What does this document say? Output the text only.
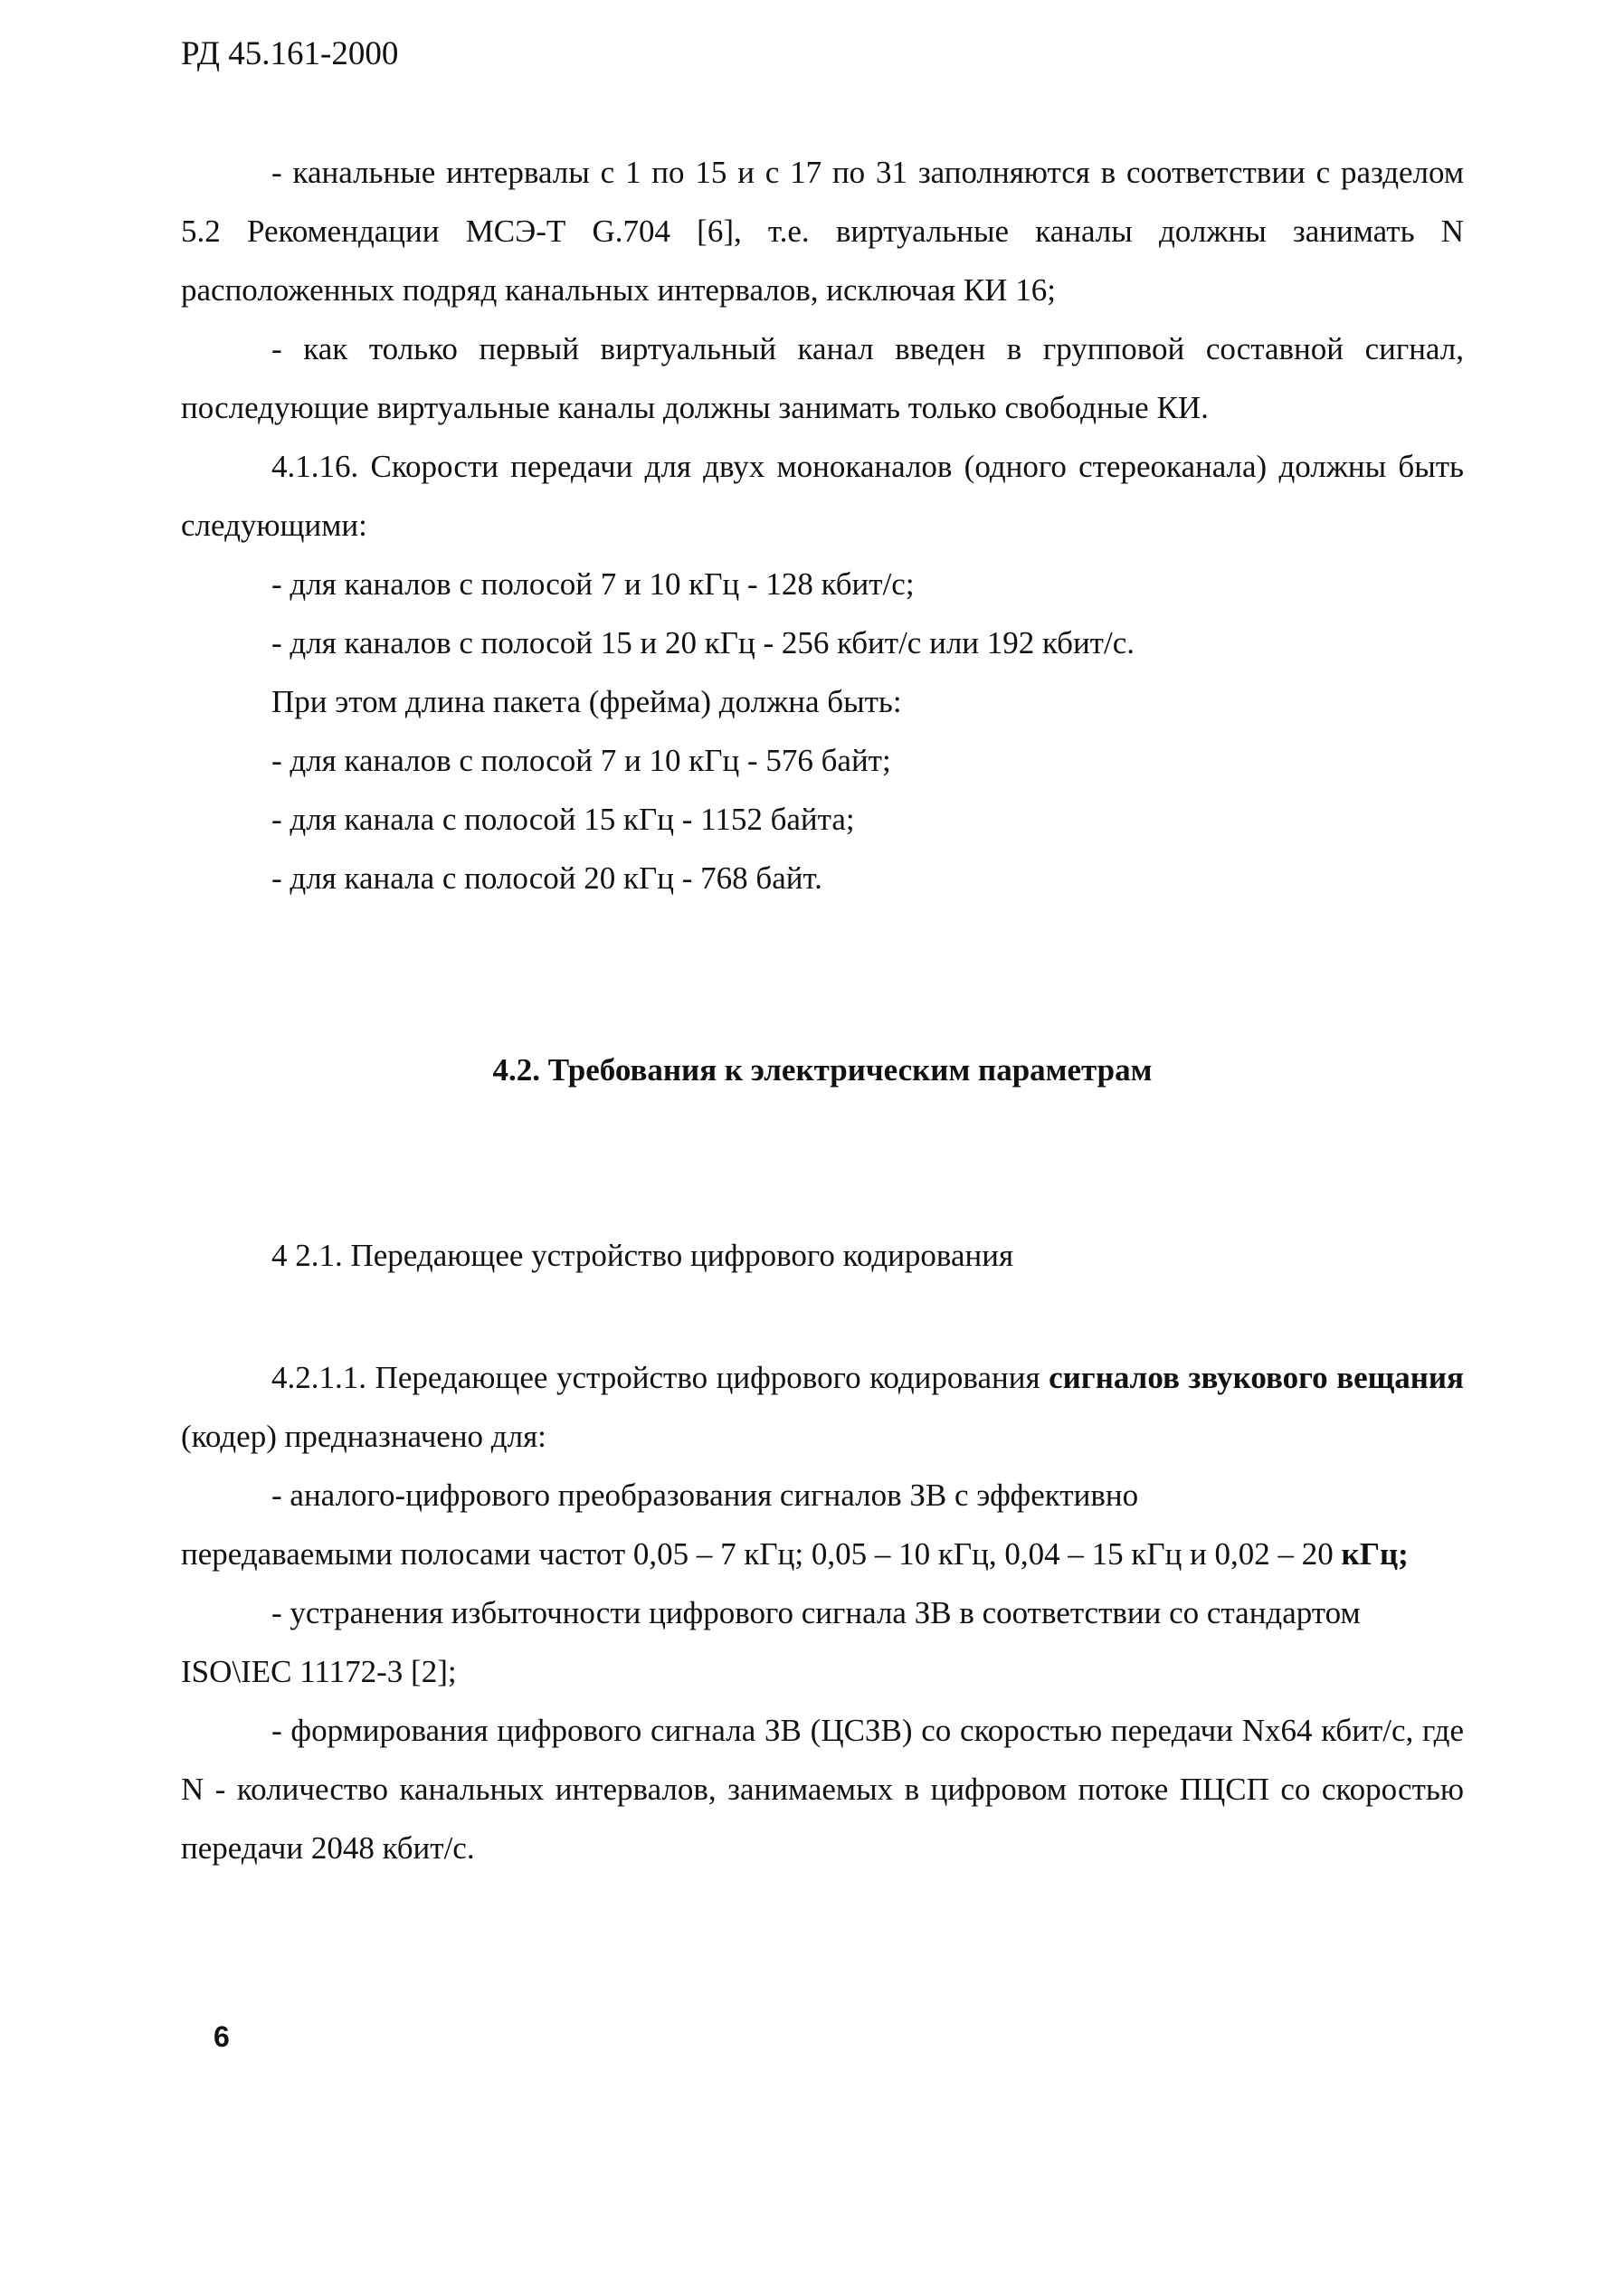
РД 45.161-2000

- канальные интервалы с 1 по 15 и с 17 по 31 заполняются в соответствии с разделом 5.2 Рекомендации МСЭ-Т G.704 [6], т.е. виртуальные каналы должны занимать N расположенных подряд канальных интервалов, исключая КИ 16;

- как только первый виртуальный канал введен в групповой составной сигнал, последующие виртуальные каналы должны занимать только свободные КИ.

4.1.16. Скорости передачи для двух моноканалов (одного стереоканала) должны быть следующими:

- для каналов с полосой 7 и 10 кГц - 128 кбит/с;

- для каналов с полосой 15 и 20 кГц - 256 кбит/с или 192 кбит/с.

При этом длина пакета (фрейма) должна быть:

- для каналов с полосой 7 и 10 кГц - 576 байт;

- для канала с полосой 15 кГц - 1152 байта;

- для канала с полосой 20 кГц - 768 байт.

4.2. Требования к электрическим параметрам

4 2.1. Передающее устройство цифрового кодирования

4.2.1.1. Передающее устройство цифрового кодирования сигналов звукового вещания (кодер) предназначено для:

- аналого-цифрового преобразования сигналов ЗВ с эффективно

передаваемыми полосами частот 0,05 – 7 кГц; 0,05 – 10 кГц, 0,04 – 15 кГц и 0,02 – 20 кГц;

- устранения избыточности цифрового сигнала ЗВ в соответствии со стандартом

ISO\IEC 11172-3 [2];

- формирования цифрового сигнала ЗВ (ЦСЗВ) со скоростью передачи Nx64 кбит/с, где N - количество канальных интервалов, занимаемых в цифровом потоке ПЦСП со скоростью передачи 2048 кбит/с.

6
